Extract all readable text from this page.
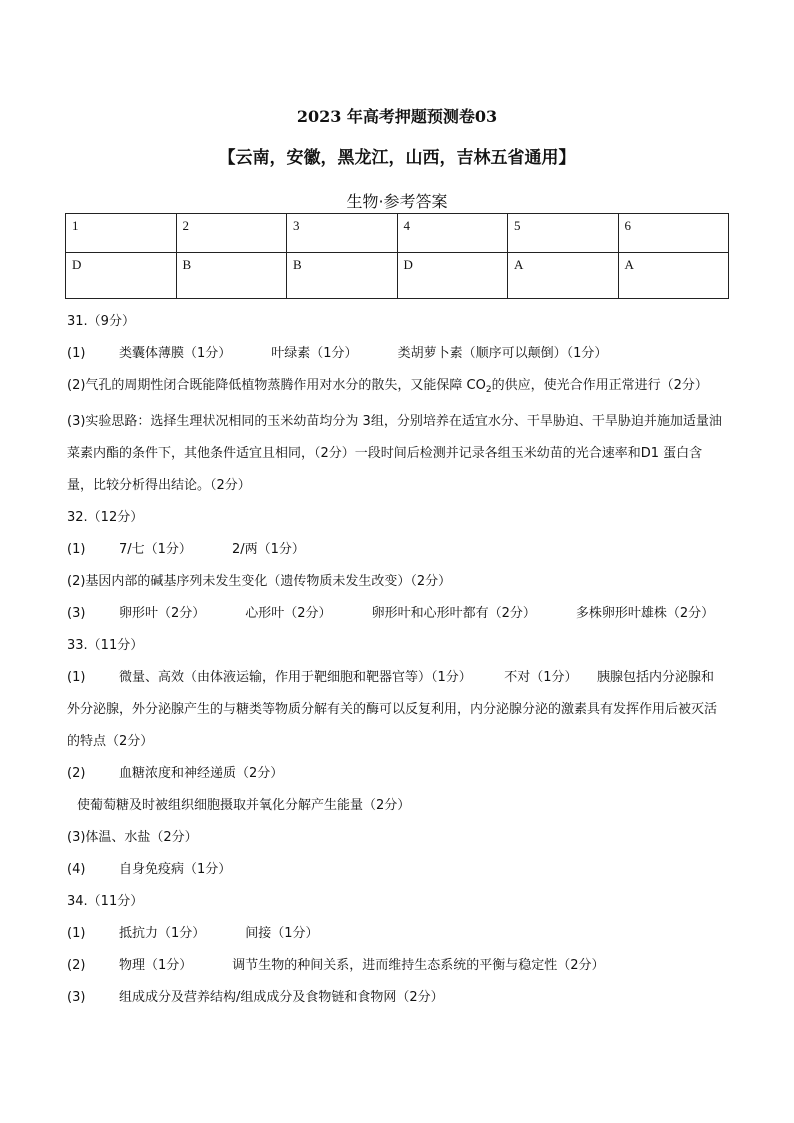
2023 年高考押题预测卷03
【云南，安徽，黑龙江，山西，吉林五省通用】
生物·参考答案
1	2	3	4	5	6
D	B	B	D	A	A
31.（9分）
(1)	类囊体薄膜（1分）	叶绿素（1分）	类胡萝卜素（顺序可以颠倒）（1分）
(2)气孔的周期性闭合既能降低植物蒸腾作用对水分的散失，又能保障 $CO_2$的供应，使光合作用正常进行（2分）
(3)实验思路：选择生理状况相同的玉米幼苗均分为 3组，分别培养在适宜水分、干旱胁迫、干旱胁迫并施加适量油菜素内酯的条件下，其他条件适宜且相同，（2分）一段时间后检测并记录各组玉米幼苗的光合速率和D1 蛋白含量，比较分析得出结论。（2分）
32.（12分）
(1)	7/七（1分）	2/两（1分）
(2)基因内部的碱基序列未发生变化（遗传物质未发生改变）（2分）
(3)	卵形叶（2分）	心形叶（2分）	卵形叶和心形叶都有（2分）	多株卵形叶雄株（2分）
33.（11分）
(1)	微量、高效（由体液运输，作用于靶细胞和靶器官等）（1分）　　　不对（1分）　　胰腺包括内分泌腺和外分泌腺，外分泌腺产生的与糖类等物质分解有关的酶可以反复利用，内分泌腺分泌的激素具有发挥作用后被灭活的特点（2分）
(2)	血糖浓度和神经递质（2分）
使葡萄糖及时被组织细胞摄取并氧化分解产生能量（2分）
(3)体温、水盐（2分）
(4)	自身免疫病（1分）
34.（11分）
(1)	抵抗力（1分）	间接（1分）
(2)	物理（1分）	调节生物的种间关系，进而维持生态系统的平衡与稳定性（2分）
(3)	组成成分及营养结构/组成成分及食物链和食物网（2分）
